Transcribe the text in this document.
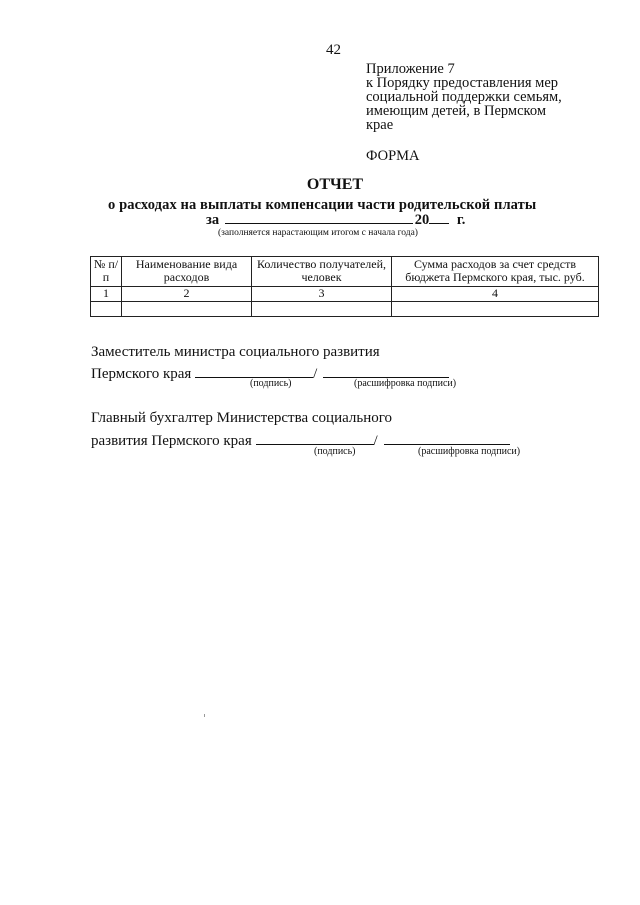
42
Приложение 7
к Порядку предоставления мер
социальной поддержки семьям,
имеющим детей, в Пермском
крае
ФОРМА
ОТЧЕТ
о расходах на выплаты компенсации части родительской платы
за	20 г.
(заполняется нарастающим итогом с начала года)
№ п/п	Наименование вида расходов	Количество получателей, человек	Сумма расходов за счет средств бюджета Пермского края, тыс. руб.
1	2	3	4

Заместитель министра социального развития
Пермского края	/
(подпись)	(расшифровка подписи)
Главный бухгалтер Министерства социального
развития Пермского края	/
(подпись)	(расшифровка подписи)
